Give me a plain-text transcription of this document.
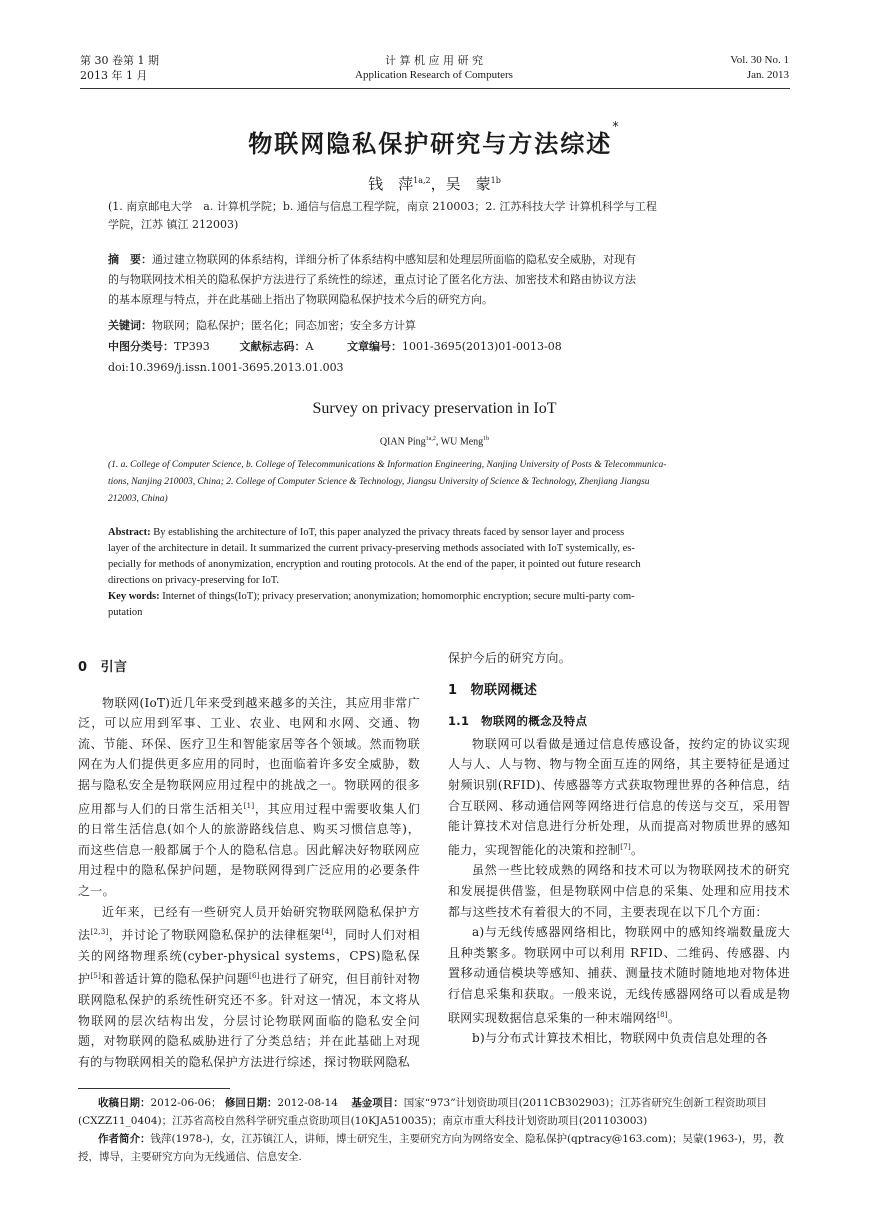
第 30 卷第 1 期
2013 年 1 月
计 算 机 应 用 研 究
Application Research of Computers
Vol. 30 No. 1
Jan. 2013
物联网隐私保护研究与方法综述*
钱　萍$^{1a,2}$，吴　蒙$^{1b}$
(1. 南京邮电大学　a. 计算机学院；b. 通信与信息工程学院，南京 210003；2. 江苏科技大学 计算机科学与工程
学院，江苏 镇江 212003)
摘　要：通过建立物联网的体系结构，详细分析了体系结构中感知层和处理层所面临的隐私安全威胁，对现有
的与物联网技术相关的隐私保护方法进行了系统性的综述，重点讨论了匿名化方法、加密技术和路由协议方法
的基本原理与特点，并在此基础上指出了物联网隐私保护技术今后的研究方向。
关键词：物联网；隐私保护；匿名化；同态加密；安全多方计算
中图分类号：TP393	文献标志码：A	文章编号：1001-3695(2013)01-0013-08
doi:10.3969/j.issn.1001-3695.2013.01.003
Survey on privacy preservation in IoT
QIAN Ping$^{1a,2}$, WU Meng$^{1b}$
(1. a. College of Computer Science, b. College of Telecommunications & Information Engineering, Nanjing University of Posts & Telecommunica-
tions, Nanjing 210003, China; 2. College of Computer Science & Technology, Jiangsu University of Science & Technology, Zhenjiang Jiangsu
212003, China)
Abstract: By establishing the architecture of IoT, this paper analyzed the privacy threats faced by sensor layer and process
layer of the architecture in detail. It summarized the current privacy-preserving methods associated with IoT systemically, es-
pecially for methods of anonymization, encryption and routing protocols. At the end of the paper, it pointed out future research
directions on privacy-preserving for IoT.
Key words: Internet of things(IoT); privacy preservation; anonymization; homomorphic encryption; secure multi-party com-
putation
0　引言

物联网(IoT)近几年来受到越来越多的关注，其应用非常广泛，可以应用到军事、工业、农业、电网和水网、交通、物流、节能、环保、医疗卫生和智能家居等各个领域。然而物联网在为人们提供更多应用的同时，也面临着许多安全威胁，数据与隐私安全是物联网应用过程中的挑战之一。物联网的很多应用都与人们的日常生活相关[1]，其应用过程中需要收集人们的日常生活信息(如个人的旅游路线信息、购买习惯信息等)，而这些信息一般都属于个人的隐私信息。因此解决好物联网应用过程中的隐私保护问题，是物联网得到广泛应用的必要条件之一。

近年来，已经有一些研究人员开始研究物联网隐私保护方法[2,3]，并讨论了物联网隐私保护的法律框架[4]，同时人们对相关的网络物理系统(cyber-physical systems，CPS)隐私保护[5]和普适计算的隐私保护问题[6]也进行了研究，但目前针对物联网隐私保护的系统性研究还不多。针对这一情况，本文将从物联网的层次结构出发，分层讨论物联网面临的隐私安全问题，对物联网的隐私威胁进行了分类总结；并在此基础上对现有的与物联网相关的隐私保护方法进行综述，探讨物联网隐私

保护今后的研究方向。

1　物联网概述
1.1　物联网的概念及特点

物联网可以看做是通过信息传感设备，按约定的协议实现人与人、人与物、物与物全面互连的网络，其主要特征是通过射频识别(RFID)、传感器等方式获取物理世界的各种信息，结合互联网、移动通信网等网络进行信息的传送与交互，采用智能计算技术对信息进行分析处理，从而提高对物质世界的感知能力，实现智能化的决策和控制[7]。

虽然一些比较成熟的网络和技术可以为物联网技术的研究和发展提供借鉴，但是物联网中信息的采集、处理和应用技术都与这些技术有着很大的不同，主要表现在以下几个方面：

a)与无线传感器网络相比，物联网中的感知终端数量庞大且种类繁多。物联网中可以利用 RFID、二维码、传感器、内置移动通信模块等感知、捕获、测量技术随时随地地对物体进行信息采集和获取。一般来说，无线传感器网络可以看成是物联网实现数据信息采集的一种末端网络[8]。

b)与分布式计算技术相比，物联网中负责信息处理的各

收稿日期：2012-06-06； 修回日期：2012-08-14 基金项目：国家“973”计划资助项目(2011CB302903)；江苏省研究生创新工程资助项目
(CXZZ11_0404)；江苏省高校自然科学研究重点资助项目(10KJA510035)；南京市重大科技计划资助项目(201103003)
作者简介：钱萍(1978-)，女，江苏镇江人，讲师，博士研究生，主要研究方向为网络安全、隐私保护(qptracy@163.com)；吴蒙(1963-)，男，教
授，博导，主要研究方向为无线通信、信息安全.
